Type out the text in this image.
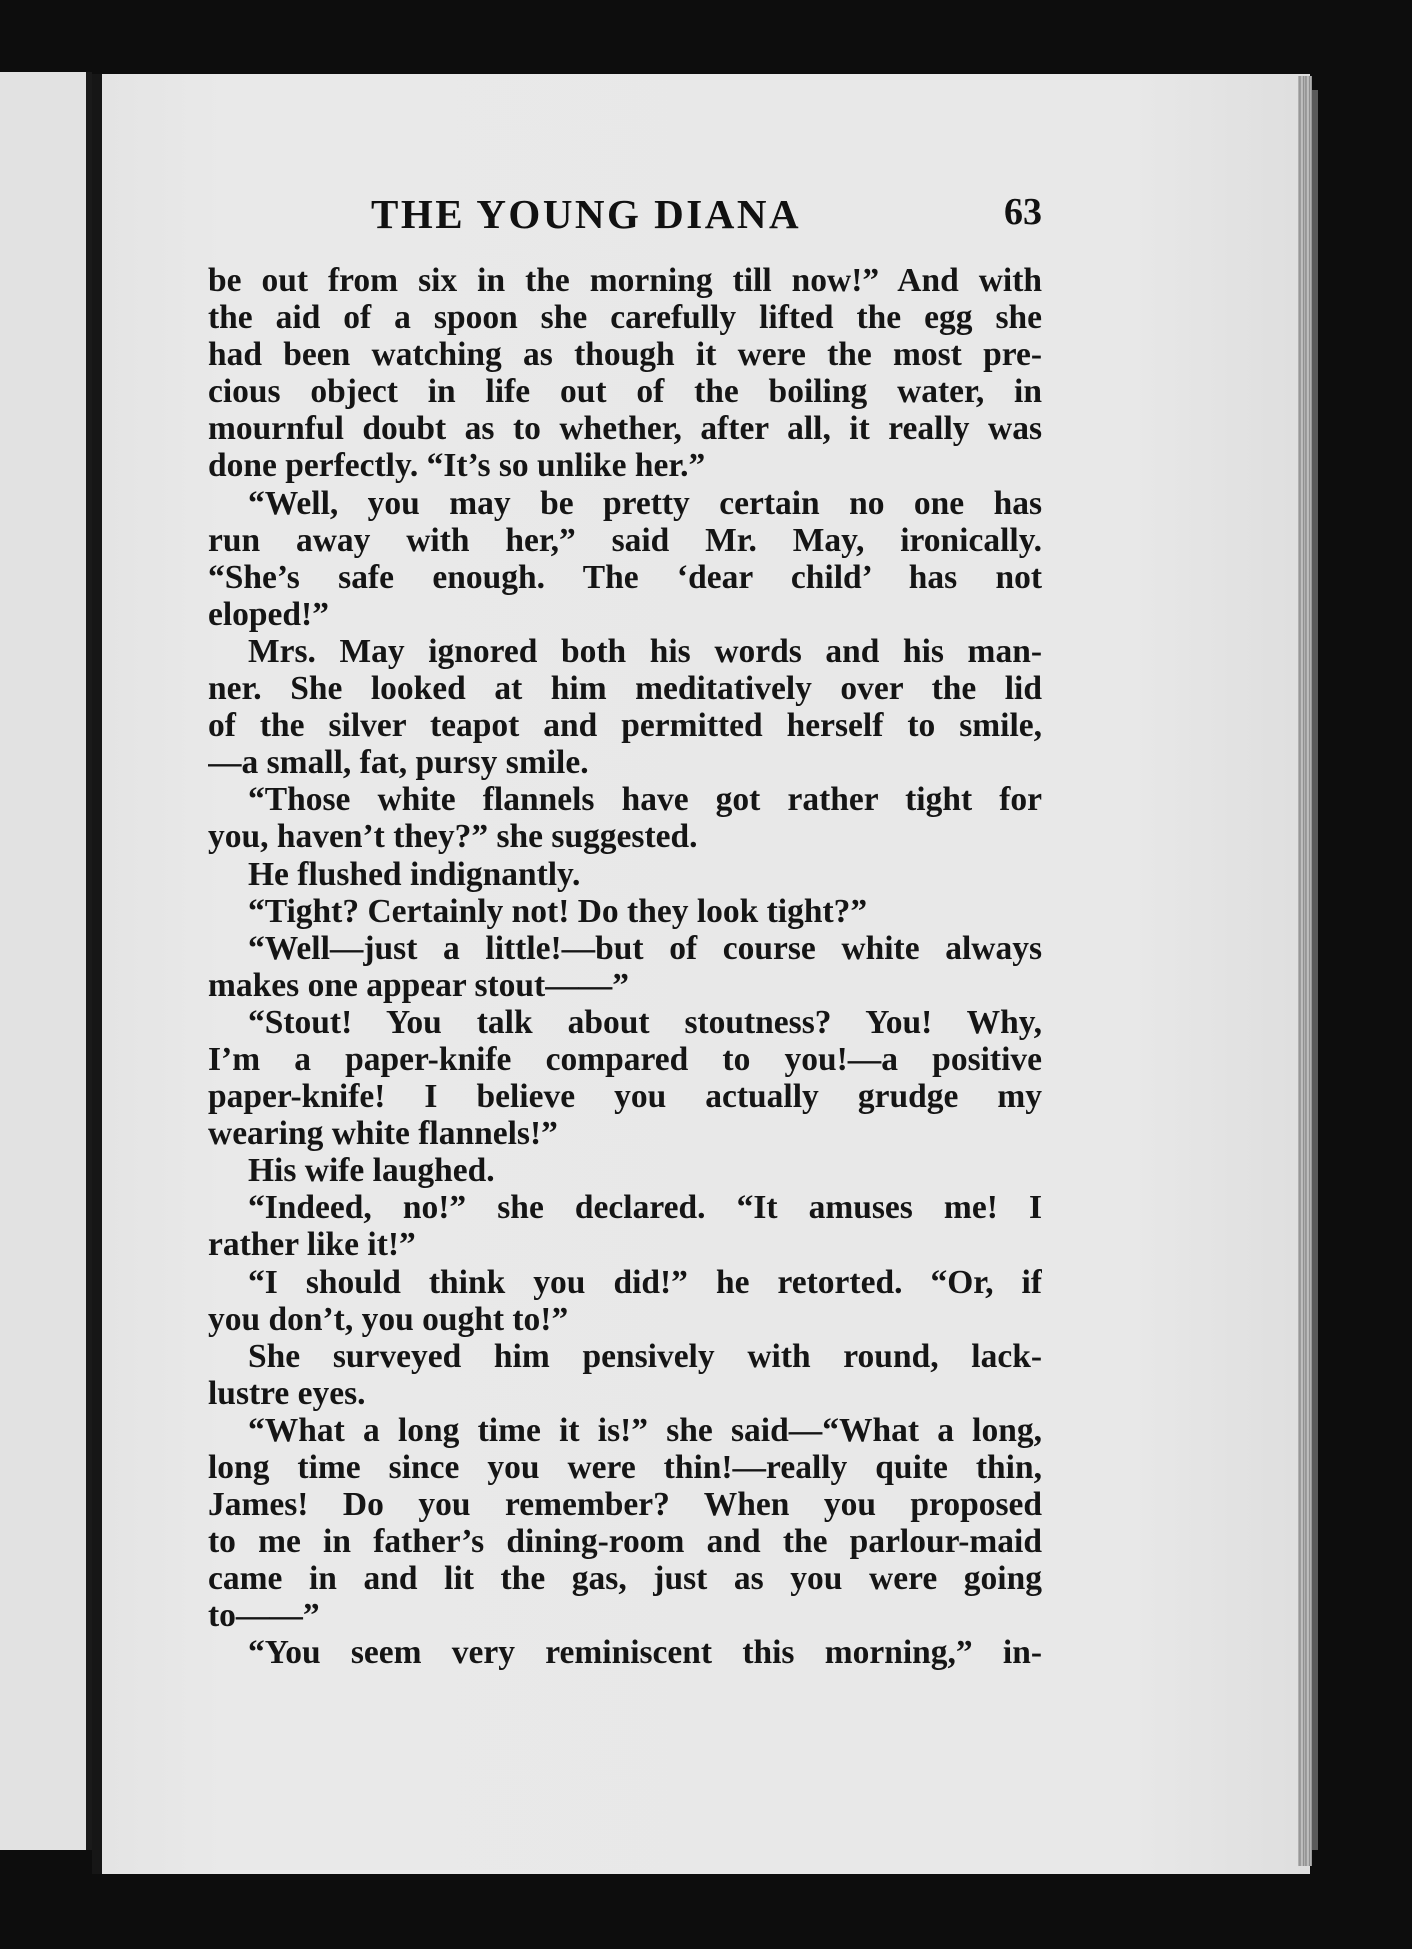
THE YOUNG DIANA	63
be out from six in the morning till now!” And with
the aid of a spoon she carefully lifted the egg she
had been watching as though it were the most pre-
cious object in life out of the boiling water, in
mournful doubt as to whether, after all, it really was
done perfectly. “It’s so unlike her.”
“Well, you may be pretty certain no one has
run away with her,” said Mr. May, ironically.
“She’s safe enough. The ‘dear child’ has not
eloped!”
Mrs. May ignored both his words and his man-
ner. She looked at him meditatively over the lid
of the silver teapot and permitted herself to smile,
—a small, fat, pursy smile.
“Those white flannels have got rather tight for
you, haven’t they?” she suggested.
He flushed indignantly.
“Tight? Certainly not! Do they look tight?”
“Well—just a little!—but of course white always
makes one appear stout——”
“Stout! You talk about stoutness? You! Why,
I’m a paper-knife compared to you!—a positive
paper-knife! I believe you actually grudge my
wearing white flannels!”
His wife laughed.
“Indeed, no!” she declared. “It amuses me! I
rather like it!”
“I should think you did!” he retorted. “Or, if
you don’t, you ought to!”
She surveyed him pensively with round, lack-
lustre eyes.
“What a long time it is!” she said—“What a long,
long time since you were thin!—really quite thin,
James! Do you remember? When you proposed
to me in father’s dining-room and the parlour-maid
came in and lit the gas, just as you were going
to——”
“You seem very reminiscent this morning,” in-
